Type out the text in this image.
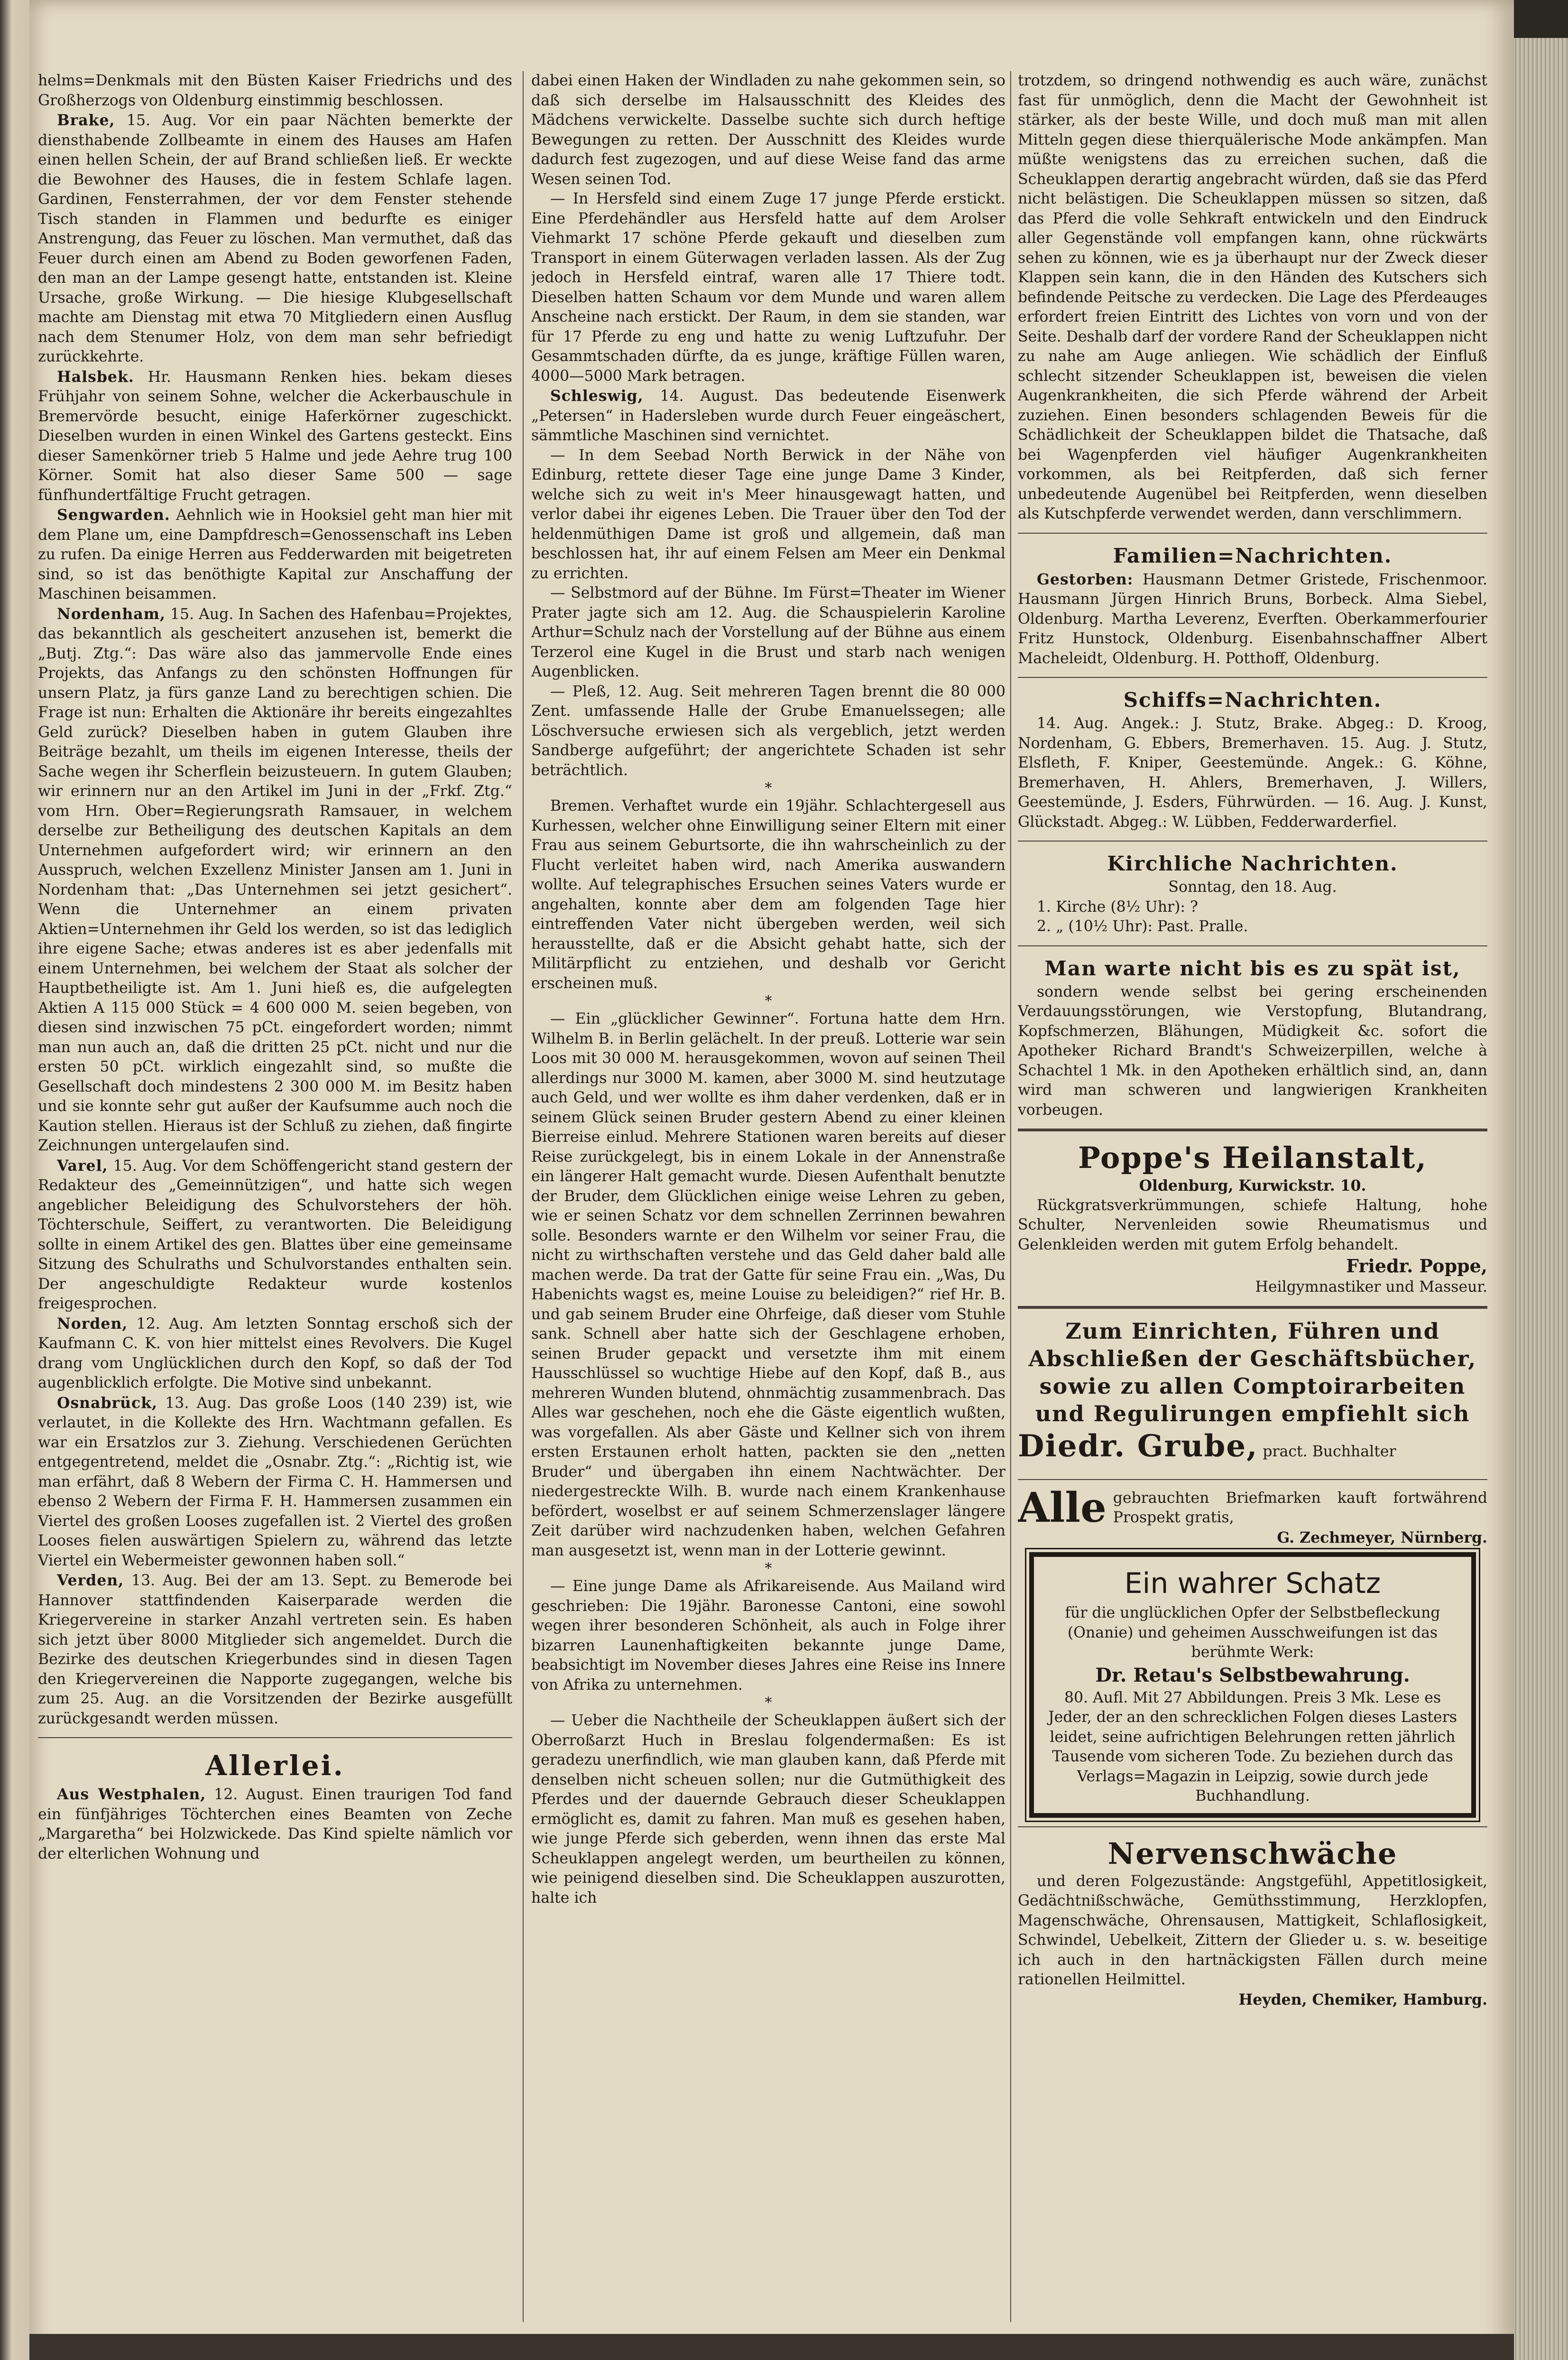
helms=Denkmals mit den Büsten Kaiser Friedrichs und des Großherzogs von Oldenburg einstimmig beschlossen.

Brake, 15. Aug. Vor ein paar Nächten bemerkte der diensthabende Zollbeamte in einem des Hauses am Hafen einen hellen Schein, der auf Brand schließen ließ. Er weckte die Bewohner des Hauses, die in festem Schlafe lagen. Gardinen, Fensterrahmen, der vor dem Fenster stehende Tisch standen in Flammen und bedurfte es einiger Anstrengung, das Feuer zu löschen. Man vermuthet, daß das Feuer durch einen am Abend zu Boden geworfenen Faden, den man an der Lampe gesengt hatte, entstanden ist. Kleine Ursache, große Wirkung. — Die hiesige Klubgesellschaft machte am Dienstag mit etwa 70 Mitgliedern einen Ausflug nach dem Stenumer Holz, von dem man sehr befriedigt zurückkehrte.

Halsbek. Hr. Hausmann Renken hies. bekam dieses Frühjahr von seinem Sohne, welcher die Ackerbauschule in Bremervörde besucht, einige Haferkörner zugeschickt. Dieselben wurden in einen Winkel des Gartens gesteckt. Eins dieser Samenkörner trieb 5 Halme und jede Aehre trug 100 Körner. Somit hat also dieser Same 500 — sage fünfhundertfältige Frucht getragen.

Sengwarden. Aehnlich wie in Hooksiel geht man hier mit dem Plane um, eine Dampfdresch=Genossenschaft ins Leben zu rufen. Da einige Herren aus Fedderwarden mit beigetreten sind, so ist das benöthigte Kapital zur Anschaffung der Maschinen beisammen.

Nordenham, 15. Aug. In Sachen des Hafenbau=Projektes, das bekanntlich als gescheitert anzusehen ist, bemerkt die „Butj. Ztg.“: Das wäre also das jammervolle Ende eines Projekts, das Anfangs zu den schönsten Hoffnungen für unsern Platz, ja fürs ganze Land zu berechtigen schien. Die Frage ist nun: Erhalten die Aktionäre ihr bereits eingezahltes Geld zurück? Dieselben haben in gutem Glauben ihre Beiträge bezahlt, um theils im eigenen Interesse, theils der Sache wegen ihr Scherflein beizusteuern. In gutem Glauben; wir erinnern nur an den Artikel im Juni in der „Frkf. Ztg.“ vom Hrn. Ober=Regierungsrath Ramsauer, in welchem derselbe zur Betheiligung des deutschen Kapitals an dem Unternehmen aufgefordert wird; wir erinnern an den Ausspruch, welchen Exzellenz Minister Jansen am 1. Juni in Nordenham that: „Das Unternehmen sei jetzt gesichert“. Wenn die Unternehmer an einem privaten Aktien=Unternehmen ihr Geld los werden, so ist das lediglich ihre eigene Sache; etwas anderes ist es aber jedenfalls mit einem Unternehmen, bei welchem der Staat als solcher der Hauptbetheiligte ist. Am 1. Juni hieß es, die aufgelegten Aktien A 115 000 Stück = 4 600 000 M. seien begeben, von diesen sind inzwischen 75 pCt. eingefordert worden; nimmt man nun auch an, daß die dritten 25 pCt. nicht und nur die ersten 50 pCt. wirklich eingezahlt sind, so mußte die Gesellschaft doch mindestens 2 300 000 M. im Besitz haben und sie konnte sehr gut außer der Kaufsumme auch noch die Kaution stellen. Hieraus ist der Schluß zu ziehen, daß fingirte Zeichnungen untergelaufen sind.

Varel, 15. Aug. Vor dem Schöffengericht stand gestern der Redakteur des „Gemeinnützigen“, und hatte sich wegen angeblicher Beleidigung des Schulvorstehers der höh. Töchterschule, Seiffert, zu verantworten. Die Beleidigung sollte in einem Artikel des gen. Blattes über eine gemeinsame Sitzung des Schulraths und Schulvorstandes enthalten sein. Der angeschuldigte Redakteur wurde kostenlos freigesprochen.

Norden, 12. Aug. Am letzten Sonntag erschoß sich der Kaufmann C. K. von hier mittelst eines Revolvers. Die Kugel drang vom Unglücklichen durch den Kopf, so daß der Tod augenblicklich erfolgte. Die Motive sind unbekannt.

Osnabrück, 13. Aug. Das große Loos (140 239) ist, wie verlautet, in die Kollekte des Hrn. Wachtmann gefallen. Es war ein Ersatzlos zur 3. Ziehung. Verschiedenen Gerüchten entgegentretend, meldet die „Osnabr. Ztg.“: „Richtig ist, wie man erfährt, daß 8 Webern der Firma C. H. Hammersen und ebenso 2 Webern der Firma F. H. Hammersen zusammen ein Viertel des großen Looses zugefallen ist. 2 Viertel des großen Looses fielen auswärtigen Spielern zu, während das letzte Viertel ein Webermeister gewonnen haben soll.“

Verden, 13. Aug. Bei der am 13. Sept. zu Bemerode bei Hannover stattfindenden Kaiserparade werden die Kriegervereine in starker Anzahl vertreten sein. Es haben sich jetzt über 8000 Mitglieder sich angemeldet. Durch die Bezirke des deutschen Kriegerbundes sind in diesen Tagen den Kriegervereinen die Napporte zugegangen, welche bis zum 25. Aug. an die Vorsitzenden der Bezirke ausgefüllt zurückgesandt werden müssen.

Allerlei.

Aus Westphalen, 12. August. Einen traurigen Tod fand ein fünfjähriges Töchterchen eines Beamten von Zeche „Margaretha“ bei Holzwickede. Das Kind spielte nämlich vor der elterlichen Wohnung und

dabei einen Haken der Windladen zu nahe gekommen sein, so daß sich derselbe im Halsausschnitt des Kleides des Mädchens verwickelte. Dasselbe suchte sich durch heftige Bewegungen zu retten. Der Ausschnitt des Kleides wurde dadurch fest zugezogen, und auf diese Weise fand das arme Wesen seinen Tod.

— In Hersfeld sind einem Zuge 17 junge Pferde erstickt. Eine Pferdehändler aus Hersfeld hatte auf dem Arolser Viehmarkt 17 schöne Pferde gekauft und dieselben zum Transport in einem Güterwagen verladen lassen. Als der Zug jedoch in Hersfeld eintraf, waren alle 17 Thiere todt. Dieselben hatten Schaum vor dem Munde und waren allem Anscheine nach erstickt. Der Raum, in dem sie standen, war für 17 Pferde zu eng und hatte zu wenig Luftzufuhr. Der Gesammtschaden dürfte, da es junge, kräftige Füllen waren, 4000—5000 Mark betragen.

Schleswig, 14. August. Das bedeutende Eisenwerk „Petersen“ in Hadersleben wurde durch Feuer eingeäschert, sämmtliche Maschinen sind vernichtet.

— In dem Seebad North Berwick in der Nähe von Edinburg, rettete dieser Tage eine junge Dame 3 Kinder, welche sich zu weit in's Meer hinausgewagt hatten, und verlor dabei ihr eigenes Leben. Die Trauer über den Tod der heldenmüthigen Dame ist groß und allgemein, daß man beschlossen hat, ihr auf einem Felsen am Meer ein Denkmal zu errichten.

— Selbstmord auf der Bühne. Im Fürst=Theater im Wiener Prater jagte sich am 12. Aug. die Schauspielerin Karoline Arthur=Schulz nach der Vorstellung auf der Bühne aus einem Terzerol eine Kugel in die Brust und starb nach wenigen Augenblicken.

— Pleß, 12. Aug. Seit mehreren Tagen brennt die 80 000 Zent. umfassende Halle der Grube Emanuelssegen; alle Löschversuche erwiesen sich als vergeblich, jetzt werden Sandberge aufgeführt; der angerichtete Schaden ist sehr beträchtlich.

*

Bremen. Verhaftet wurde ein 19jähr. Schlachtergesell aus Kurhessen, welcher ohne Einwilligung seiner Eltern mit einer Frau aus seinem Geburtsorte, die ihn wahrscheinlich zu der Flucht verleitet haben wird, nach Amerika auswandern wollte. Auf telegraphisches Ersuchen seines Vaters wurde er angehalten, konnte aber dem am folgenden Tage hier eintreffenden Vater nicht übergeben werden, weil sich herausstellte, daß er die Absicht gehabt hatte, sich der Militärpflicht zu entziehen, und deshalb vor Gericht erscheinen muß.

*

— Ein „glücklicher Gewinner“. Fortuna hatte dem Hrn. Wilhelm B. in Berlin gelächelt. In der preuß. Lotterie war sein Loos mit 30 000 M. herausgekommen, wovon auf seinen Theil allerdings nur 3000 M. kamen, aber 3000 M. sind heutzutage auch Geld, und wer wollte es ihm daher verdenken, daß er in seinem Glück seinen Bruder gestern Abend zu einer kleinen Bierreise einlud. Mehrere Stationen waren bereits auf dieser Reise zurückgelegt, bis in einem Lokale in der Annenstraße ein längerer Halt gemacht wurde. Diesen Aufenthalt benutzte der Bruder, dem Glücklichen einige weise Lehren zu geben, wie er seinen Schatz vor dem schnellen Zerrinnen bewahren solle. Besonders warnte er den Wilhelm vor seiner Frau, die nicht zu wirthschaften verstehe und das Geld daher bald alle machen werde. Da trat der Gatte für seine Frau ein. „Was, Du Habenichts wagst es, meine Louise zu beleidigen?“ rief Hr. B. und gab seinem Bruder eine Ohrfeige, daß dieser vom Stuhle sank. Schnell aber hatte sich der Geschlagene erhoben, seinen Bruder gepackt und versetzte ihm mit einem Hausschlüssel so wuchtige Hiebe auf den Kopf, daß B., aus mehreren Wunden blutend, ohnmächtig zusammenbrach. Das Alles war geschehen, noch ehe die Gäste eigentlich wußten, was vorgefallen. Als aber Gäste und Kellner sich von ihrem ersten Erstaunen erholt hatten, packten sie den „netten Bruder“ und übergaben ihn einem Nachtwächter. Der niedergestreckte Wilh. B. wurde nach einem Krankenhause befördert, woselbst er auf seinem Schmerzenslager längere Zeit darüber wird nachzudenken haben, welchen Gefahren man ausgesetzt ist, wenn man in der Lotterie gewinnt.

*

— Eine junge Dame als Afrikareisende. Aus Mailand wird geschrieben: Die 19jähr. Baronesse Cantoni, eine sowohl wegen ihrer besonderen Schönheit, als auch in Folge ihrer bizarren Launenhaftigkeiten bekannte junge Dame, beabsichtigt im November dieses Jahres eine Reise ins Innere von Afrika zu unternehmen.

*

— Ueber die Nachtheile der Scheuklappen äußert sich der Oberroßarzt Huch in Breslau folgendermaßen: Es ist geradezu unerfindlich, wie man glauben kann, daß Pferde mit denselben nicht scheuen sollen; nur die Gutmüthigkeit des Pferdes und der dauernde Gebrauch dieser Scheuklappen ermöglicht es, damit zu fahren. Man muß es gesehen haben, wie junge Pferde sich geberden, wenn ihnen das erste Mal Scheuklappen angelegt werden, um beurtheilen zu können, wie peinigend dieselben sind. Die Scheuklappen auszurotten, halte ich

trotzdem, so dringend nothwendig es auch wäre, zunächst fast für unmöglich, denn die Macht der Gewohnheit ist stärker, als der beste Wille, und doch muß man mit allen Mitteln gegen diese thierquälerische Mode ankämpfen. Man müßte wenigstens das zu erreichen suchen, daß die Scheuklappen derartig angebracht würden, daß sie das Pferd nicht belästigen. Die Scheuklappen müssen so sitzen, daß das Pferd die volle Sehkraft entwickeln und den Eindruck aller Gegenstände voll empfangen kann, ohne rückwärts sehen zu können, wie es ja überhaupt nur der Zweck dieser Klappen sein kann, die in den Händen des Kutschers sich befindende Peitsche zu verdecken. Die Lage des Pferdeauges erfordert freien Eintritt des Lichtes von vorn und von der Seite. Deshalb darf der vordere Rand der Scheuklappen nicht zu nahe am Auge anliegen. Wie schädlich der Einfluß schlecht sitzender Scheuklappen ist, beweisen die vielen Augenkrankheiten, die sich Pferde während der Arbeit zuziehen. Einen besonders schlagenden Beweis für die Schädlichkeit der Scheuklappen bildet die Thatsache, daß bei Wagenpferden viel häufiger Augenkrankheiten vorkommen, als bei Reitpferden, daß sich ferner unbedeutende Augenübel bei Reitpferden, wenn dieselben als Kutschpferde verwendet werden, dann verschlimmern.

Familien=Nachrichten.

Gestorben: Hausmann Detmer Gristede, Frischenmoor. Hausmann Jürgen Hinrich Bruns, Borbeck. Alma Siebel, Oldenburg. Martha Leverenz, Everften. Oberkammerfourier Fritz Hunstock, Oldenburg. Eisenbahnschaffner Albert Macheleidt, Oldenburg. H. Potthoff, Oldenburg.

Schiffs=Nachrichten.

14. Aug. Angek.: J. Stutz, Brake. Abgeg.: D. Kroog, Nordenham, G. Ebbers, Bremerhaven. 15. Aug. J. Stutz, Elsfleth, F. Kniper, Geestemünde. Angek.: G. Köhne, Bremerhaven, H. Ahlers, Bremerhaven, J. Willers, Geestemünde, J. Esders, Führwürden. — 16. Aug. J. Kunst, Glückstadt. Abgeg.: W. Lübben, Fedderwarderfiel.

Kirchliche Nachrichten.

Sonntag, den 18. Aug.

1. Kirche (8½ Uhr): ?

2. „ (10½ Uhr): Past. Pralle.

Man warte nicht bis es zu spät ist,

sondern wende selbst bei gering erscheinenden Verdauungsstörungen, wie Verstopfung, Blutandrang, Kopfschmerzen, Blähungen, Müdigkeit &c. sofort die Apotheker Richard Brandt's Schweizerpillen, welche à Schachtel 1 Mk. in den Apotheken erhältlich sind, an, dann wird man schweren und langwierigen Krankheiten vorbeugen.

Poppe's Heilanstalt,

Oldenburg, Kurwickstr. 10.

Rückgratsverkrümmungen, schiefe Haltung, hohe Schulter, Nervenleiden sowie Rheumatismus und Gelenkleiden werden mit gutem Erfolg behandelt.

Friedr. Poppe,

Heilgymnastiker und Masseur.

Zum Einrichten, Führen und
Abschließen der Geschäftsbücher,
sowie zu allen Comptoirarbeiten
und Regulirungen empfiehlt sich
Diedr. Grube, pract. Buchhalter
Alle gebrauchten Briefmarken kauft fortwährend Prospekt gratis,

G. Zechmeyer, Nürnberg.

Ein wahrer Schatz

für die unglücklichen Opfer der Selbstbefleckung (Onanie) und geheimen Ausschweifungen ist das berühmte Werk:

Dr. Retau's Selbstbewahrung.

80. Aufl. Mit 27 Abbildungen. Preis 3 Mk. Lese es Jeder, der an den schrecklichen Folgen dieses Lasters leidet, seine aufrichtigen Belehrungen retten jährlich Tausende vom sicheren Tode. Zu beziehen durch das Verlags=Magazin in Leipzig, sowie durch jede Buchhandlung.

Nervenschwäche

und deren Folgezustände: Angstgefühl, Appetitlosigkeit, Gedächtnißschwäche, Gemüthsstimmung, Herzklopfen, Magenschwäche, Ohrensausen, Mattigkeit, Schlaflosigkeit, Schwindel, Uebelkeit, Zittern der Glieder u. s. w. beseitige ich auch in den hartnäckigsten Fällen durch meine rationellen Heilmittel.

Heyden, Chemiker, Hamburg.
